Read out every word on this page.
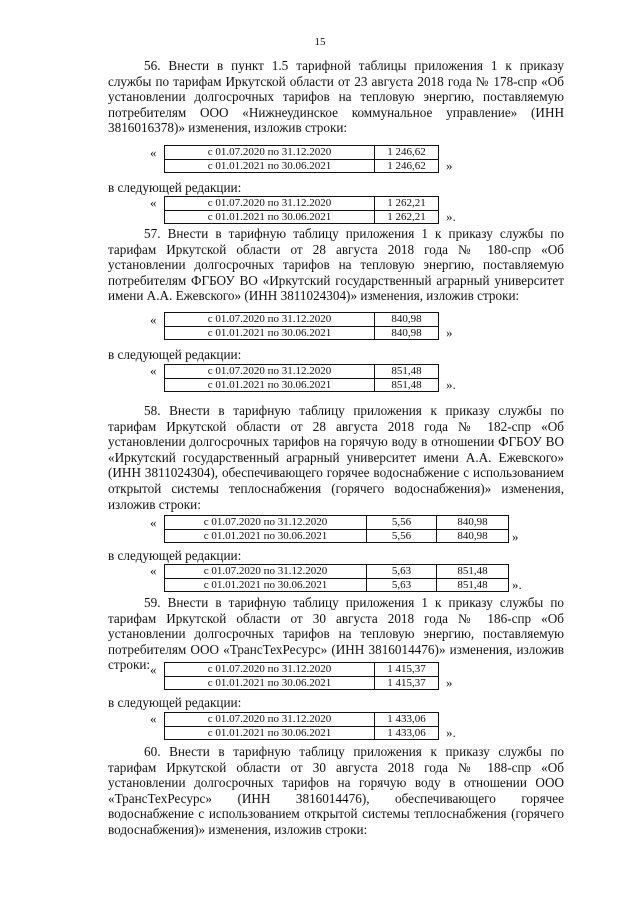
15
56. Внести в пункт 1.5 тарифной таблицы приложения 1 к приказу службы по тарифам Иркутской области от 23 августа 2018 года № 178-спр «Об установлении долгосрочных тарифов на тепловую энергию, поставляемую потребителям ООО «Нижнеудинское коммунальное управление» (ИНН 3816016378)» изменения, изложив строки:
«	с 01.07.2020 по 31.12.2020	1 246,62
с 01.01.2021 по 30.06.2021	1 246,62 »
в следующей редакции:
«	с 01.07.2020 по 31.12.2020	1 262,21
с 01.01.2021 по 30.06.2021	1 262,21 ».
57. Внести в тарифную таблицу приложения 1 к приказу службы по тарифам Иркутской области от 28 августа 2018 года № 180-спр «Об установлении долгосрочных тарифов на тепловую энергию, поставляемую потребителям ФГБОУ ВО «Иркутский государственный аграрный университет имени А.А. Ежевского» (ИНН 3811024304)» изменения, изложив строки:
«	с 01.07.2020 по 31.12.2020	840,98
с 01.01.2021 по 30.06.2021	840,98 »
в следующей редакции:
«	с 01.07.2020 по 31.12.2020	851,48
с 01.01.2021 по 30.06.2021	851,48 ».
58. Внести в тарифную таблицу приложения к приказу службы по тарифам Иркутской области от 28 августа 2018 года № 182-спр «Об установлении долгосрочных тарифов на горячую воду в отношении ФГБОУ ВО «Иркутский государственный аграрный университет имени А.А. Ежевского» (ИНН 3811024304), обеспечивающего горячее водоснабжение с использованием открытой системы теплоснабжения (горячего водоснабжения)» изменения, изложив строки:
«	с 01.07.2020 по 31.12.2020	5,56	840,98
с 01.01.2021 по 30.06.2021	5,56	840,98 »
в следующей редакции:
«	с 01.07.2020 по 31.12.2020	5,63	851,48
с 01.01.2021 по 30.06.2021	5,63	851,48 ».
59. Внести в тарифную таблицу приложения 1 к приказу службы по тарифам Иркутской области от 30 августа 2018 года № 186-спр «Об установлении долгосрочных тарифов на тепловую энергию, поставляемую потребителям ООО «ТрансТехРесурс» (ИНН 3816014476)» изменения, изложив строки: «	с 01.07.2020 по 31.12.2020	1 415,37
с 01.01.2021 по 30.06.2021	1 415,37 »
в следующей редакции:
«	с 01.07.2020 по 31.12.2020	1 433,06
с 01.01.2021 по 30.06.2021	1 433,06 ».
60. Внести в тарифную таблицу приложения к приказу службы по тарифам Иркутской области от 30 августа 2018 года № 188-спр «Об установлении долгосрочных тарифов на горячую воду в отношении ООО «ТрансТехРесурс» (ИНН 3816014476), обеспечивающего горячее водоснабжение с использованием открытой системы теплоснабжения (горячего водоснабжения)» изменения, изложив строки:
